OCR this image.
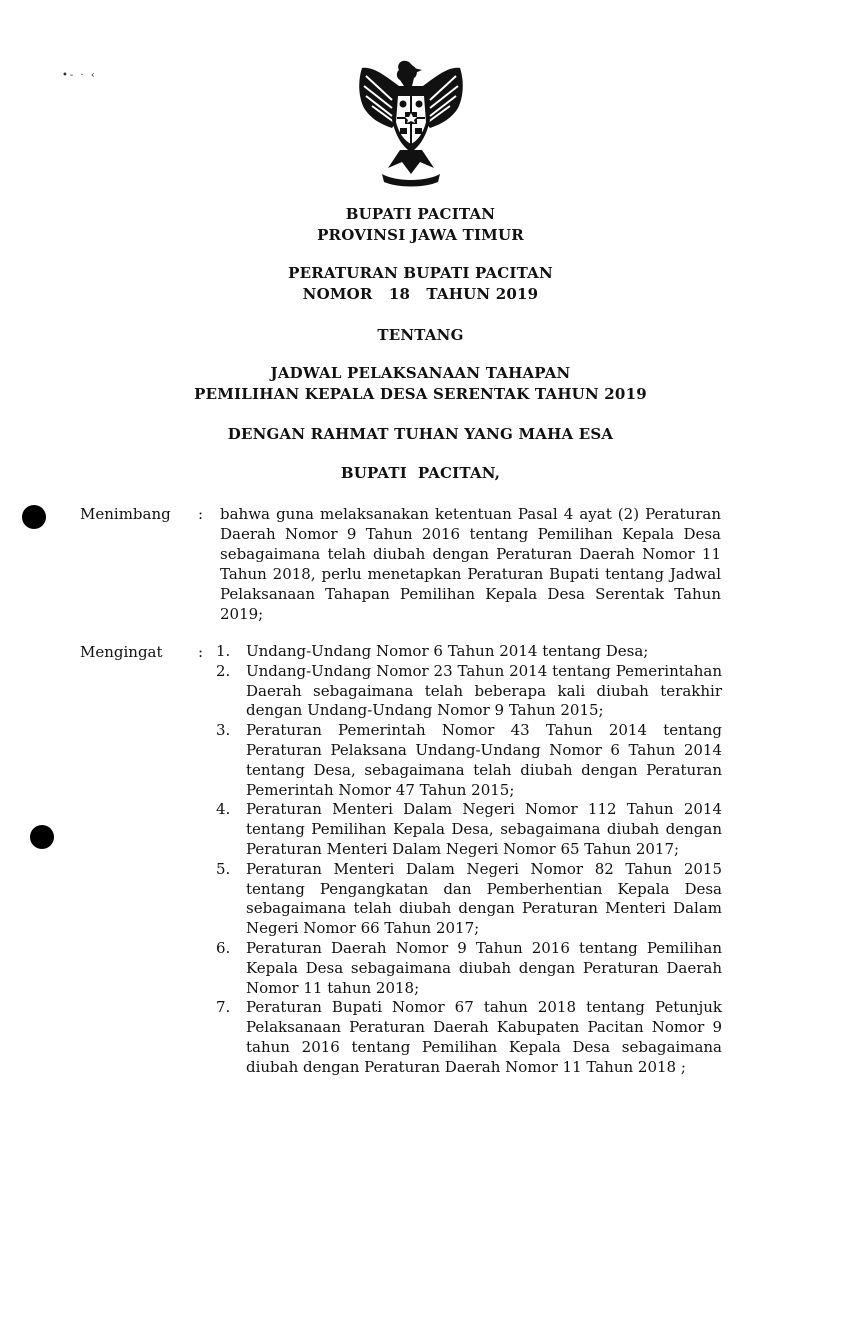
•- · ‹
BUPATI PACITAN
PROVINSI JAWA TIMUR
PERATURAN BUPATI PACITAN
NOMOR   18   TAHUN 2019
TENTANG
JADWAL PELAKSANAAN TAHAPAN
PEMILIHAN KEPALA DESA SERENTAK TAHUN 2019
DENGAN RAHMAT TUHAN YANG MAHA ESA
BUPATI  PACITAN,
Menimbang : bahwa guna melaksanakan ketentuan Pasal 4 ayat (2) Peraturan Daerah Nomor 9 Tahun 2016 tentang Pemilihan Kepala Desa sebagaimana telah diubah dengan Peraturan Daerah Nomor 11 Tahun 2018, perlu menetapkan Peraturan Bupati tentang Jadwal Pelaksanaan Tahapan Pemilihan Kepala Desa Serentak Tahun 2019;
Mengingat : 1.	Undang-Undang Nomor 6 Tahun 2014 tentang Desa;
2.	Undang-Undang Nomor 23 Tahun 2014 tentang Pemerintahan Daerah sebagaimana telah beberapa kali diubah terakhir dengan Undang-Undang Nomor 9 Tahun 2015;
3.	Peraturan Pemerintah Nomor 43 Tahun 2014 tentang Peraturan Pelaksana Undang-Undang Nomor 6 Tahun 2014 tentang Desa, sebagaimana telah diubah dengan Peraturan Pemerintah Nomor 47 Tahun 2015;
4.	Peraturan Menteri Dalam Negeri Nomor 112 Tahun 2014 tentang Pemilihan Kepala Desa, sebagaimana diubah dengan Peraturan Menteri Dalam Negeri Nomor 65 Tahun 2017;
5.	Peraturan Menteri Dalam Negeri Nomor 82 Tahun 2015 tentang Pengangkatan dan Pemberhentian Kepala Desa sebagaimana telah diubah dengan Peraturan Menteri Dalam Negeri Nomor 66 Tahun 2017;
6.	Peraturan Daerah Nomor 9 Tahun 2016 tentang Pemilihan Kepala Desa sebagaimana diubah dengan Peraturan Daerah Nomor 11 tahun 2018;
7.	Peraturan Bupati Nomor 67 tahun 2018 tentang Petunjuk Pelaksanaan Peraturan Daerah Kabupaten Pacitan Nomor 9 tahun 2016 tentang Pemilihan Kepala Desa sebagaimana diubah dengan Peraturan Daerah Nomor 11 Tahun 2018 ;
